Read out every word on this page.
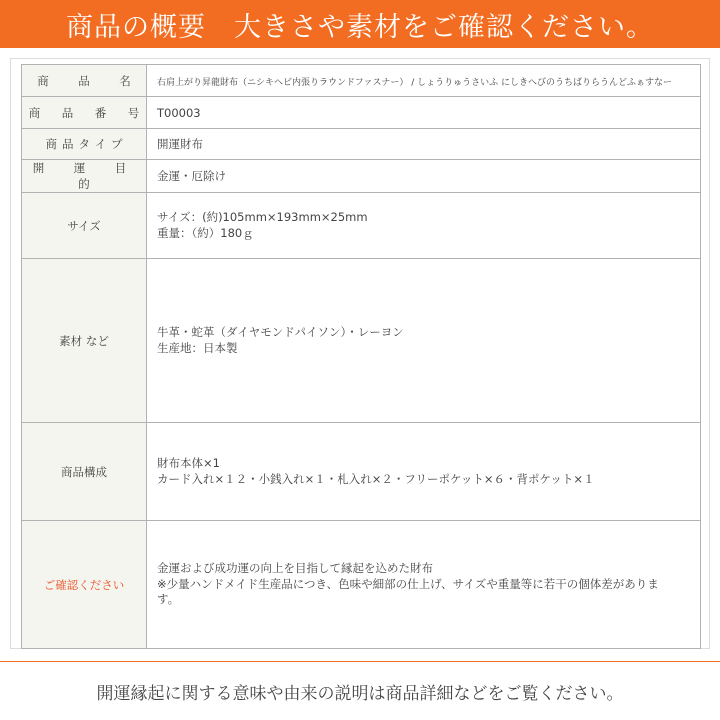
商品の概要　大きさや素材をご確認ください。
商　品　名	右肩上がり昇龍財布（ニシキヘビ内張りラウンドファスナー） / しょうりゅうさいふ にしきへびのうちばりらうんどふぁすなー
商　品　番　号	T00003
商品タイプ	開運財布
開　運　目　的	金運・厄除け
サイズ	サイズ：(約)105mm×193mm×25mm
重量：（約）180ｇ

素材 など	牛革・蛇革（ダイヤモンドパイソン）・レーヨン
生産地：日本製

商品構成	財布本体×1
カード入れ×１２・小銭入れ×１・札入れ×２・フリーポケット×６・背ポケット×１

ご確認ください	金運および成功運の向上を目指して縁起を込めた財布
※少量ハンドメイド生産品につき、色味や細部の仕上げ、サイズや重量等に若干の個体差がありま
す。
開運縁起に関する意味や由来の説明は商品詳細などをご覧ください。
